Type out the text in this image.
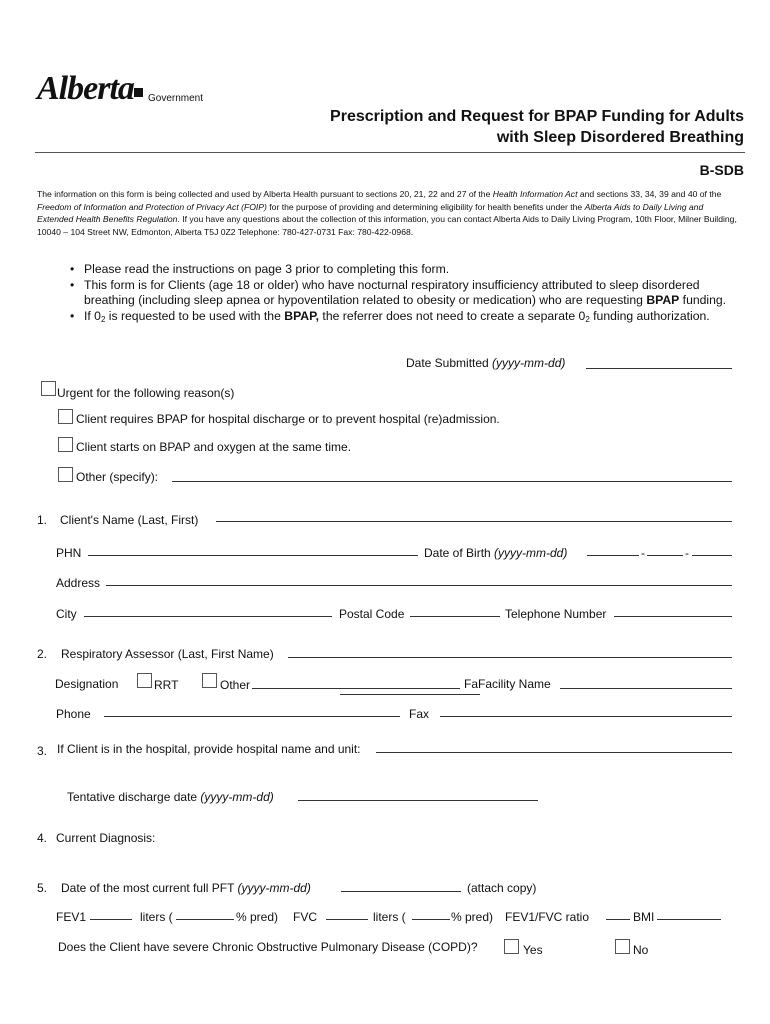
Alberta Government
Prescription and Request for BPAP Funding for Adults
with Sleep Disordered Breathing
B-SDB
The information on this form is being collected and used by Alberta Health pursuant to sections 20, 21, 22 and 27 of the Health Information Act and sections 33, 34, 39 and 40 of the Freedom of Information and Protection of Privacy Act (FOIP) for the purpose of providing and determining eligibility for health benefits under the Alberta Aids to Daily Living and Extended Health Benefits Regulation. If you have any questions about the collection of this information, you can contact Alberta Aids to Daily Living Program, 10th Floor, Milner Building, 10040 – 104 Street NW, Edmonton, Alberta T5J 0Z2 Telephone: 780-427-0731 Fax: 780-422-0968.
• Please read the instructions on page 3 prior to completing this form.
• This form is for Clients (age 18 or older) who have nocturnal respiratory insufficiency attributed to sleep disordered breathing (including sleep apnea or hypoventilation related to obesity or medication) who are requesting BPAP funding.
• If $0_2$ is requested to be used with the BPAP, the referrer does not need to create a separate $0_2$ funding authorization.
Date Submitted (yyyy-mm-dd)
Urgent for the following reason(s)
Client requires BPAP for hospital discharge or to prevent hospital (re)admission.
Client starts on BPAP and oxygen at the same time.
Other (specify):
1. Client's Name (Last, First)
PHN	Date of Birth (yyyy-mm-dd)	-	-
Address
City	Postal Code	Telephone Number
2. Respiratory Assessor (Last, First Name)
Designation	RRT	Other	FaFacility Name
Phone	Fax
3. If Client is in the hospital, provide hospital name and unit:
Tentative discharge date (yyyy-mm-dd)
4. Current Diagnosis:
5. Date of the most current full PFT (yyyy-mm-dd)	(attach copy)
FEV1	liters (	% pred) FVC	liters (	% pred) FEV1/FVC ratio	BMI
Does the Client have severe Chronic Obstructive Pulmonary Disease (COPD)?	Yes	No
